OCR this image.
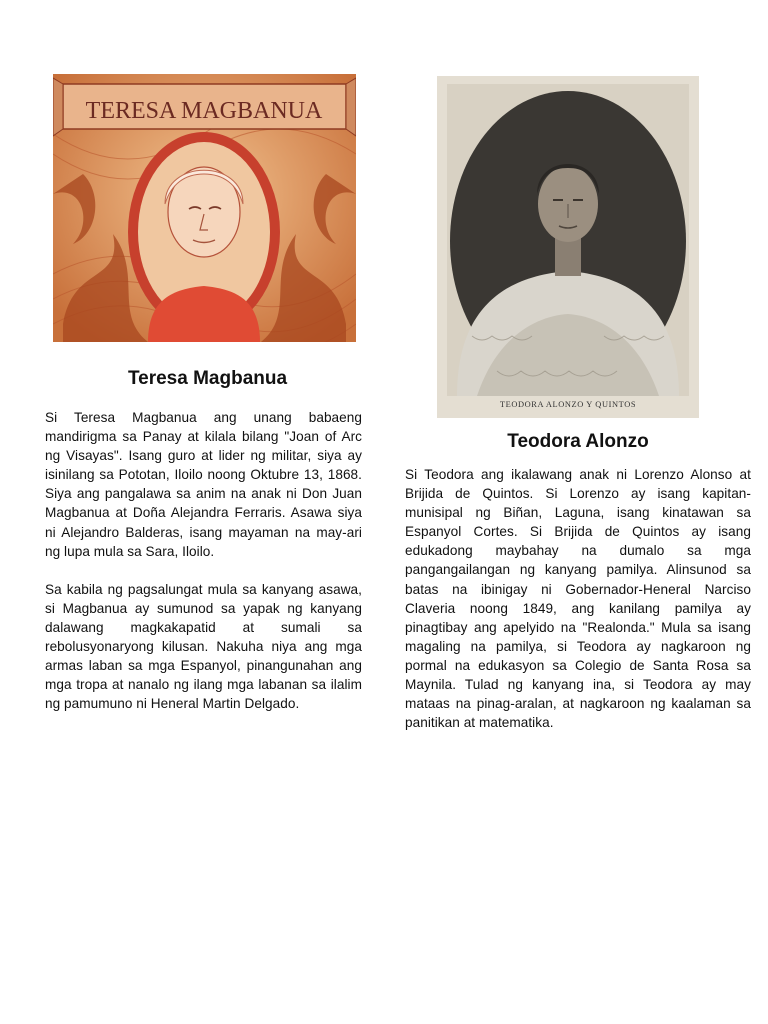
TERESA MAGBANUA
Teresa Magbanua

Si Teresa Magbanua ang unang babaeng mandirigma sa Panay at kilala bilang "Joan of Arc ng Visayas". Isang guro at lider ng militar, siya ay isinilang sa Pototan, Iloilo noong Oktubre 13, 1868. Siya ang pangalawa sa anim na anak ni Don Juan Magbanua at Doña Alejandra Ferraris. Asawa siya ni Alejandro Balderas, isang mayaman na may-ari ng lupa mula sa Sara, Iloilo.

Sa kabila ng pagsalungat mula sa kanyang asawa, si Magbanua ay sumunod sa yapak ng kanyang dalawang magkakapatid at sumali sa rebolusyonaryong kilusan. Nakuha niya ang mga armas laban sa mga Espanyol, pinangunahan ang mga tropa at nanalo ng ilang mga labanan sa ilalim ng pamumuno ni Heneral Martin Delgado.

TEODORA ALONZO Y QUINTOS
Teodora Alonzo

Si Teodora ang ikalawang anak ni Lorenzo Alonso at Brijida de Quintos. Si Lorenzo ay isang kapitan-munisipal ng Biñan, Laguna, isang kinatawan sa Espanyol Cortes. Si Brijida de Quintos ay isang edukadong maybahay na dumalo sa mga pangangailangan ng kanyang pamilya. Alinsunod sa batas na ibinigay ni Gobernador-Heneral Narciso Claveria noong 1849, ang kanilang pamilya ay pinagtibay ang apelyido na "Realonda." Mula sa isang magaling na pamilya, si Teodora ay nagkaroon ng pormal na edukasyon sa Colegio de Santa Rosa sa Maynila. Tulad ng kanyang ina, si Teodora ay may mataas na pinag-aralan, at nagkaroon ng kaalaman sa panitikan at matematika.
